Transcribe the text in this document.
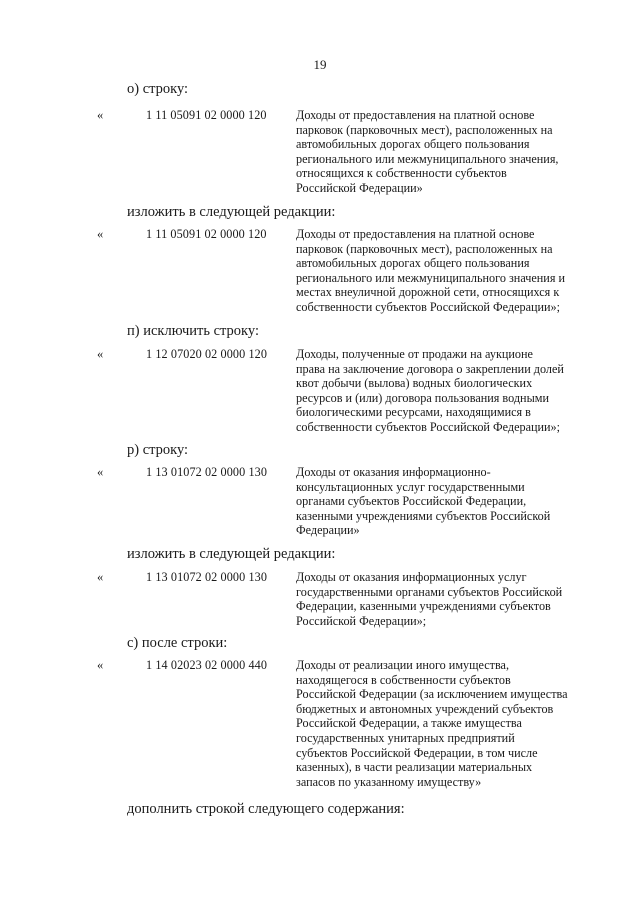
19
о) строку:
«	1 11 05091 02 0000 120 Доходы от предоставления на платной основе
парковок (парковочных мест), расположенных на
автомобильных дорогах общего пользования
регионального или межмуниципального значения,
относящихся к собственности субъектов
Российской Федерации»
изложить в следующей редакции:
«	1 11 05091 02 0000 120 Доходы от предоставления на платной основе
парковок (парковочных мест), расположенных на
автомобильных дорогах общего пользования
регионального или межмуниципального значения и
местах внеуличной дорожной сети, относящихся к
собственности субъектов Российской Федерации»;
п) исключить строку:
«	1 12 07020 02 0000 120 Доходы, полученные от продажи на аукционе
права на заключение договора о закреплении долей
квот добычи (вылова) водных биологических
ресурсов и (или) договора пользования водными
биологическими ресурсами, находящимися в
собственности субъектов Российской Федерации»;
р) строку:
«	1 13 01072 02 0000 130 Доходы от оказания информационно-
консультационных услуг государственными
органами субъектов Российской Федерации,
казенными учреждениями субъектов Российской
Федерации»
изложить в следующей редакции:
«	1 13 01072 02 0000 130 Доходы от оказания информационных услуг
государственными органами субъектов Российской
Федерации, казенными учреждениями субъектов
Российской Федерации»;
с) после строки:
«	1 14 02023 02 0000 440 Доходы от реализации иного имущества,
находящегося в собственности субъектов
Российской Федерации (за исключением имущества
бюджетных и автономных учреждений субъектов
Российской Федерации, а также имущества
государственных унитарных предприятий
субъектов Российской Федерации, в том числе
казенных), в части реализации материальных
запасов по указанному имуществу»
дополнить строкой следующего содержания:
